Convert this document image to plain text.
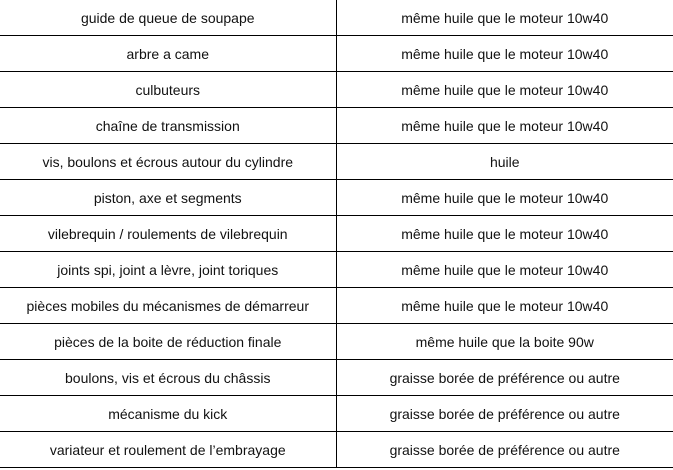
guide de queue de soupape	même huile que le moteur 10w40
arbre a came	même huile que le moteur 10w40
culbuteurs	même huile que le moteur 10w40
chaîne de transmission	même huile que le moteur 10w40
vis, boulons et écrous autour du cylindre	huile
piston, axe et segments	même huile que le moteur 10w40
vilebrequin / roulements de vilebrequin	même huile que le moteur 10w40
joints spi, joint a lèvre, joint toriques	même huile que le moteur 10w40
pièces mobiles du mécanismes de démarreur	même huile que le moteur 10w40
pièces de la boite de réduction finale	même huile que la boite 90w
boulons, vis et écrous du châssis	graisse borée de préférence ou autre
mécanisme du kick	graisse borée de préférence ou autre
variateur et roulement de l’embrayage	graisse borée de préférence ou autre
